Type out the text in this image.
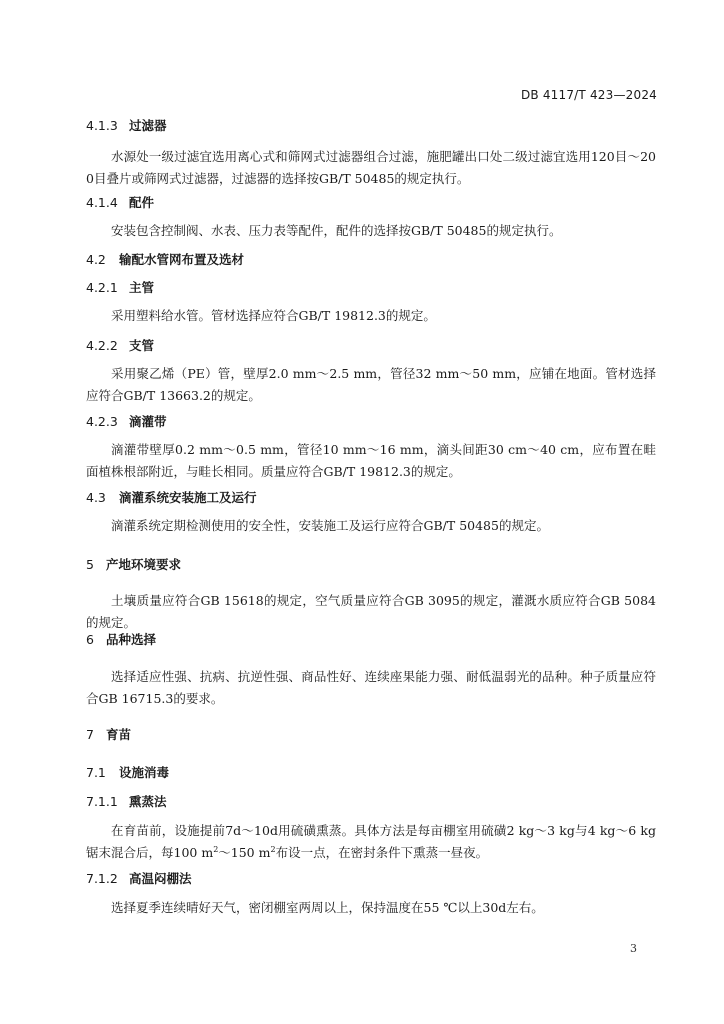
DB 4117/T 423—2024
4.1.3 过滤器
水源处一级过滤宜选用离心式和筛网式过滤器组合过滤，施肥罐出口处二级过滤宜选用120目～200目叠片或筛网式过滤器，过滤器的选择按GB/T 50485的规定执行。
4.1.4 配件
安装包含控制阀、水表、压力表等配件，配件的选择按GB/T 50485的规定执行。
4.2 输配水管网布置及选材
4.2.1 主管
采用塑料给水管。管材选择应符合GB/T 19812.3的规定。
4.2.2 支管
采用聚乙烯（PE）管，壁厚2.0 mm～2.5 mm，管径32 mm～50 mm，应铺在地面。管材选择应符合GB/T 13663.2的规定。
4.2.3 滴灌带
滴灌带壁厚0.2 mm～0.5 mm，管径10 mm～16 mm，滴头间距30 cm～40 cm，应布置在畦面植株根部附近，与畦长相同。质量应符合GB/T 19812.3的规定。
4.3 滴灌系统安装施工及运行
滴灌系统定期检测使用的安全性，安装施工及运行应符合GB/T 50485的规定。
5 产地环境要求
土壤质量应符合GB 15618的规定，空气质量应符合GB 3095的规定，灌溉水质应符合GB 5084的规定。
6 品种选择
选择适应性强、抗病、抗逆性强、商品性好、连续座果能力强、耐低温弱光的品种。种子质量应符合GB 16715.3的要求。
7 育苗
7.1 设施消毒
7.1.1 熏蒸法
在育苗前，设施提前7d～10d用硫磺熏蒸。具体方法是每亩棚室用硫磺2 kg～3 kg与4 kg～6 kg锯末混合后，每100 $m^2\sim 150$ $m^2$布设一点，在密封条件下熏蒸一昼夜。
7.1.2 高温闷棚法
选择夏季连续晴好天气，密闭棚室两周以上，保持温度在55 ℃以上30d左右。
3
